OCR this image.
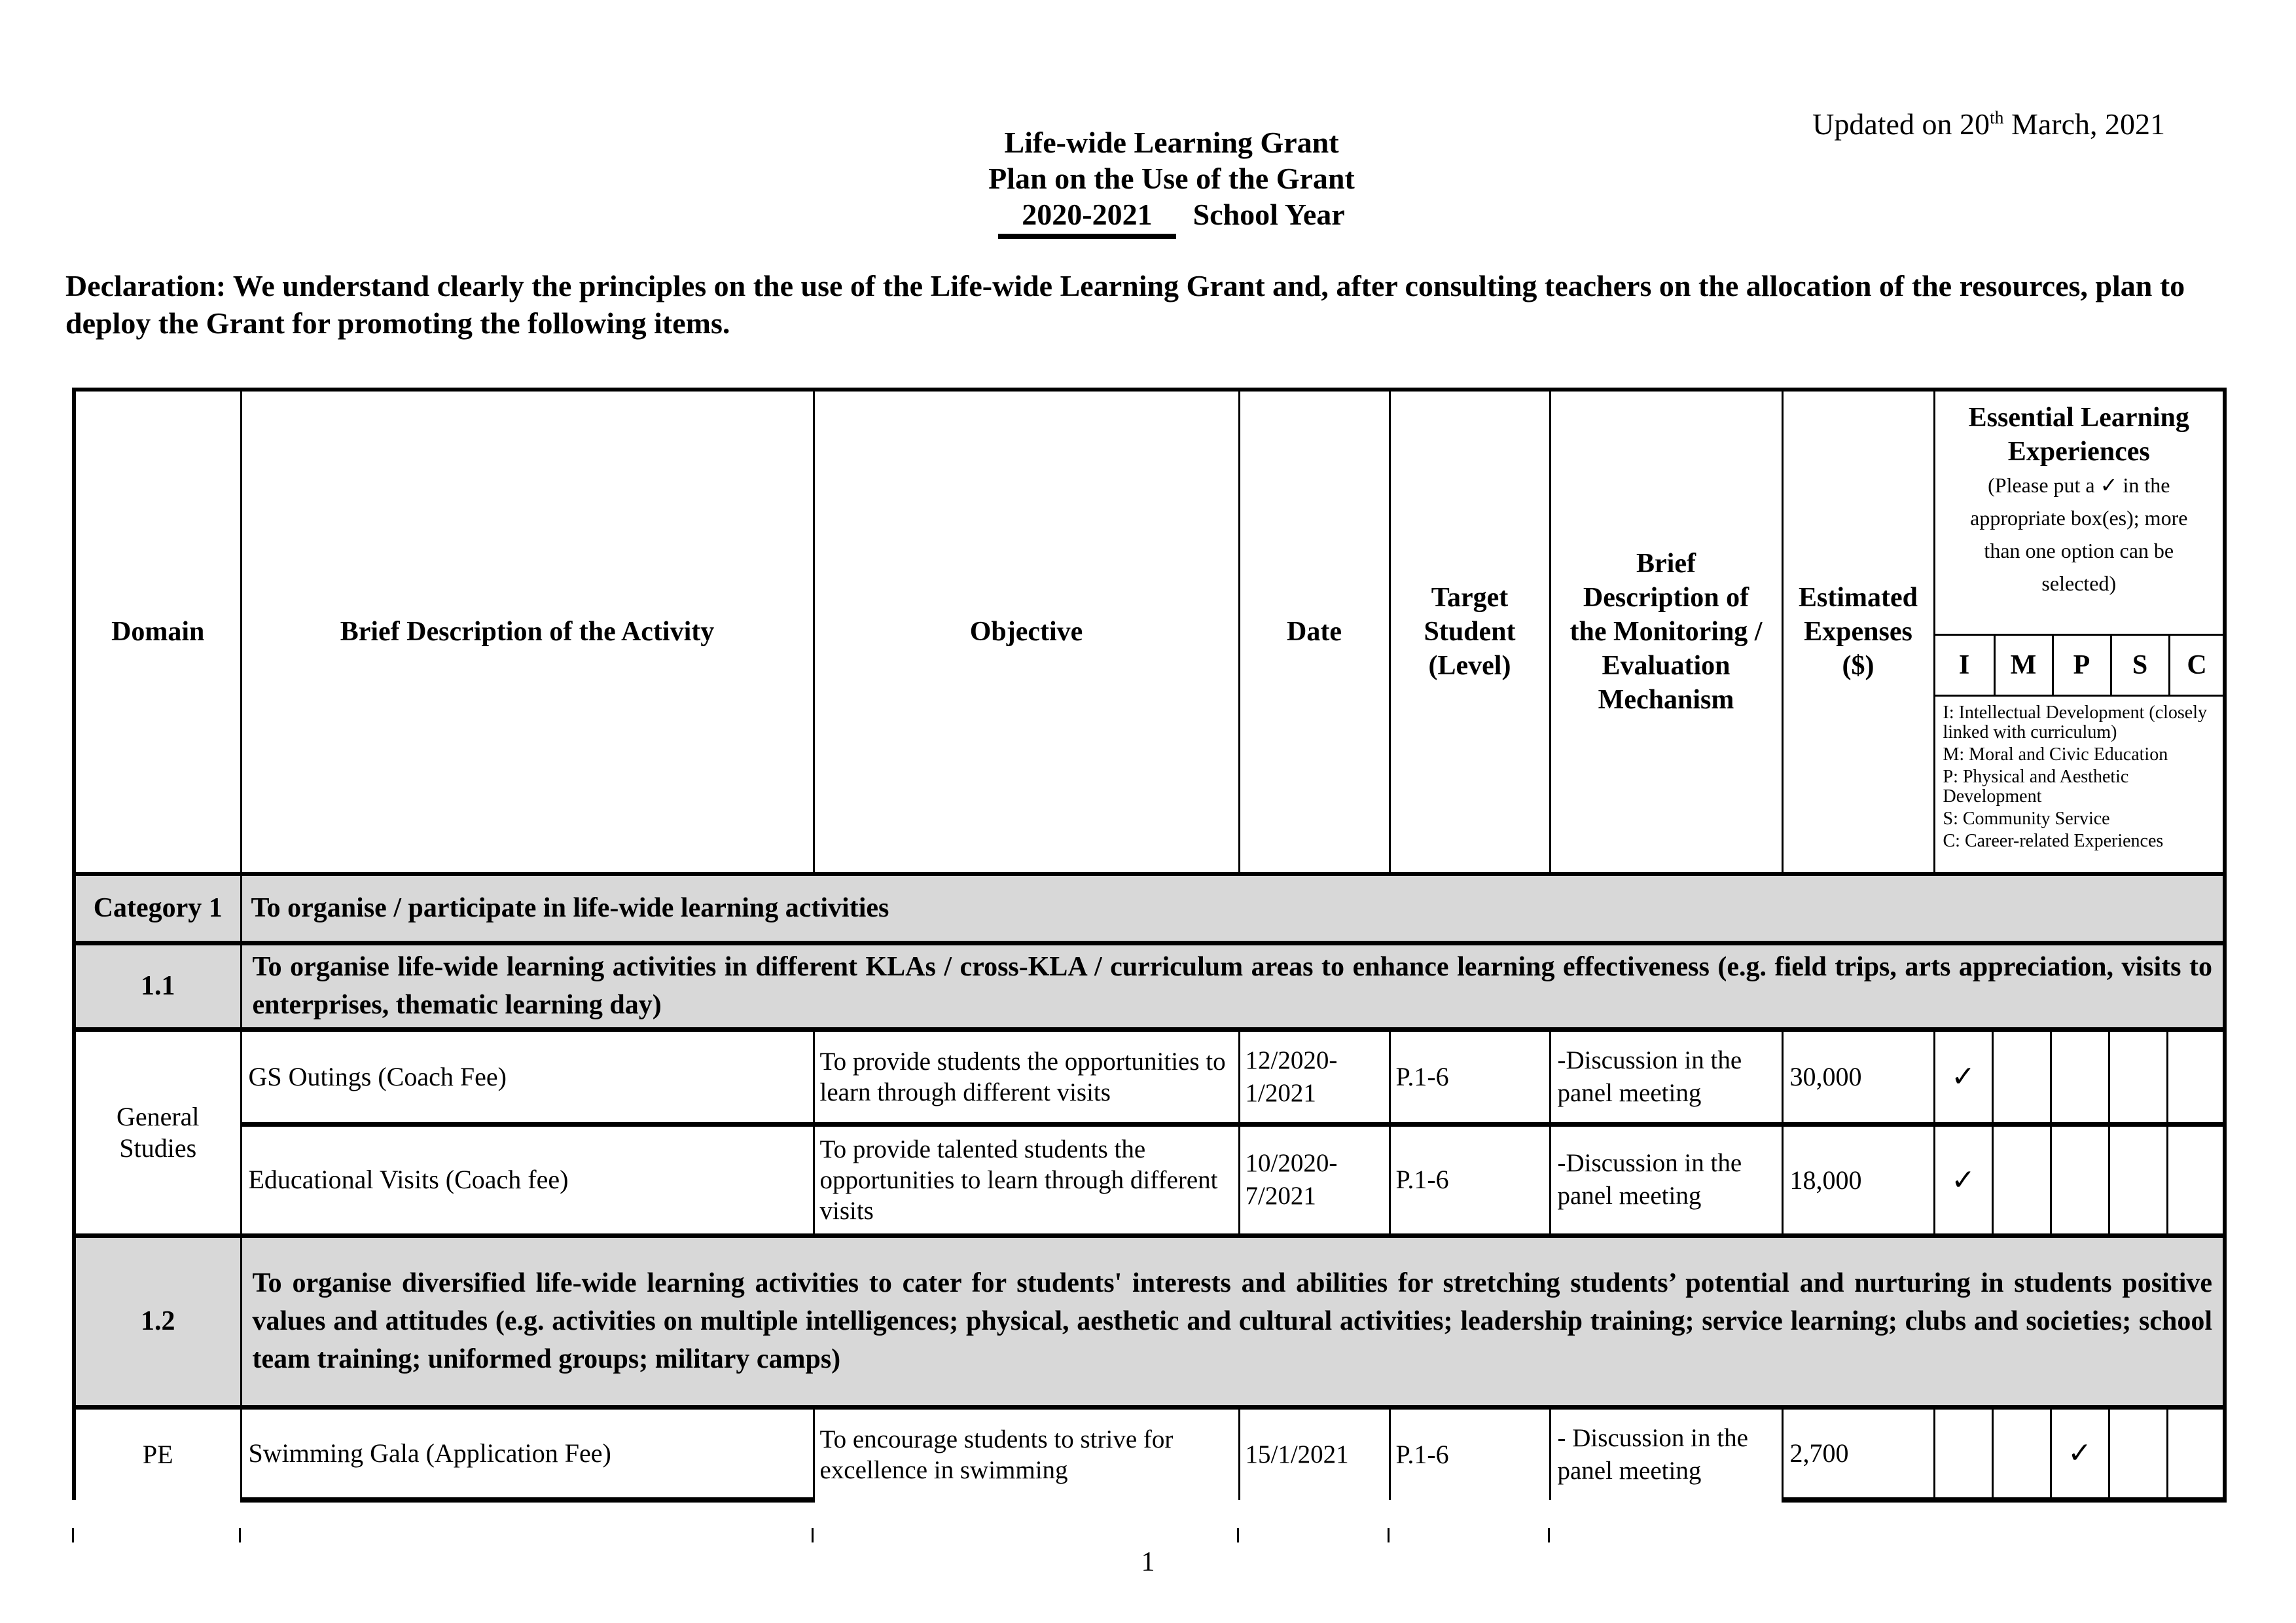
Updated on 20th March, 2021
Life-wide Learning Grant
Plan on the Use of the Grant
2020-2021 School Year
Declaration: We understand clearly the principles on the use of the Life-wide Learning Grant and, after consulting teachers on the allocation of the resources, plan to deploy the Grant for promoting the following items.
Domain	Brief Description of the Activity	Objective	Date	Target Student (Level)	Brief Description of the Monitoring / Evaluation Mechanism	Estimated Expenses ($)	
Essential Learning Experiences
(Please put a ✓ in the appropriate box(es); more than one option can be selected)
I	M	P	S	C
I: Intellectual Development (closely linked with curriculum)
M: Moral and Civic Education
P: Physical and Aesthetic Development
S: Community Service
C: Career-related Experiences

Category 1	To organise / participate in life-wide learning activities										
1.1	To organise life-wide learning activities in different KLAs / cross-KLA / curriculum areas to enhance learning effectiveness (e.g. field trips, arts appreciation, visits to enterprises, thematic learning day)										
General Studies	GS Outings (Coach Fee)	To provide students the opportunities to learn through different visits	12/2020-1/2021	P.1-6	-Discussion in the panel meeting	30,000	✓				
	Educational Visits (Coach fee)	To provide talented students the opportunities to learn through different visits	10/2020-7/2021	P.1-6	-Discussion in the panel meeting	18,000	✓				
1.2	To organise diversified life-wide learning activities to cater for students' interests and abilities for stretching students’ potential and nurturing in students positive values and attitudes (e.g. activities on multiple intelligences; physical, aesthetic and cultural activities; leadership training; service learning; clubs and societies; school team training; uniformed groups; military camps)										
PE	Swimming Gala (Application Fee)	To encourage students to strive for excellence in swimming	15/1/2021	P.1-6	- Discussion in the panel meeting	2,700			✓		
1
